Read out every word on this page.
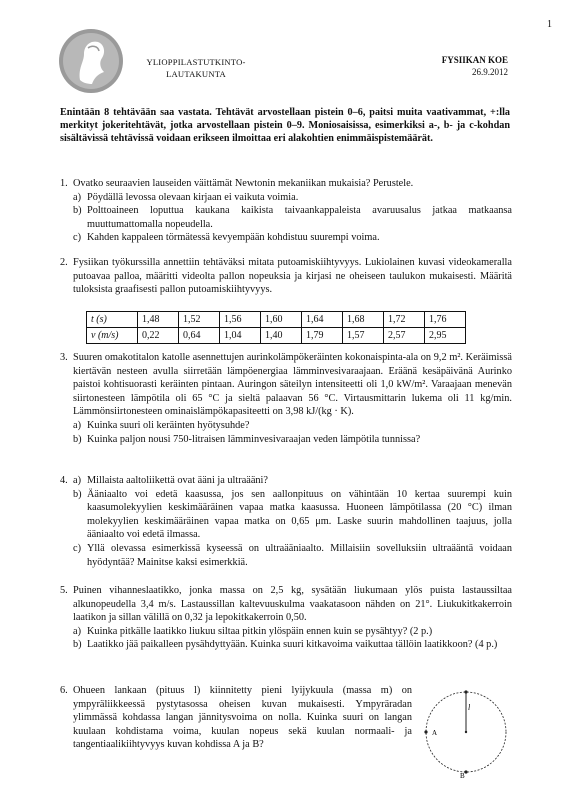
1
YLIOPPILASTUTKINTO-
LAUTAKUNTA
FYSIIKAN KOE
26.9.2012
Enintään 8 tehtävään saa vastata. Tehtävät arvostellaan pistein 0–6, paitsi muita vaativammat, +:lla merkityt jokeritehtävät, jotka arvostellaan pistein 0–9. Moniosaisissa, esimerkiksi a-, b- ja c-kohdan sisältävissä tehtävissä voidaan erikseen ilmoittaa eri alakohtien enimmäispistemäärät.
1. Ovatko seuraavien lauseiden väittämät Newtonin mekaniikan mukaisia? Perustele.
a) Pöydällä levossa olevaan kirjaan ei vaikuta voimia.
b) Polttoaineen loputtua kaukana kaikista taivaankappaleista avaruusalus jatkaa matkaansa muuttumattomalla nopeudella.
c) Kahden kappaleen törmätessä kevyempään kohdistuu suurempi voima.
2. Fysiikan työkurssilla annettiin tehtäväksi mitata putoamiskiihtyvyys. Lukiolainen kuvasi videokameralla putoavaa palloa, määritti videolta pallon nopeuksia ja kirjasi ne oheiseen taulukon mukaisesti. Määritä tuloksista graafisesti pallon putoamiskiihtyvyys.
t (s)	1,48	1,52	1,56	1,60	1,64	1,68	1,72	1,76
v (m/s)	0,22	0,64	1,04	1,40	1,79	1,57	2,57	2,95
3. Suuren omakotitalon katolle asennettujen aurinkolämpökeräinten kokonaispinta-ala on 9,2 m². Keräimissä kiertävän nesteen avulla siirretään lämpöenergiaa lämminvesivaraajaan. Eräänä kesäpäivänä Aurinko paistoi kohtisuorasti keräinten pintaan. Auringon säteilyn intensiteetti oli 1,0 kW/m². Varaajaan menevän siirtonesteen lämpötila oli 65 °C ja sieltä palaavan 56 °C. Virtausmittarin lukema oli 11 kg/min. Lämmönsiirtonesteen ominaislämpökapasiteetti on 3,98 kJ/(kg · K).
a) Kuinka suuri oli keräinten hyötysuhde?
b) Kuinka paljon nousi 750-litraisen lämminvesivaraajan veden lämpötila tunnissa?
4. a) Millaista aaltoliikettä ovat ääni ja ultraääni?
b) Ääniaalto voi edetä kaasussa, jos sen aallonpituus on vähintään 10 kertaa suurempi kuin kaasumolekyylien keskimääräinen vapaa matka kaasussa. Huoneen lämpötilassa (20 °C) ilman molekyylien keskimääräinen vapaa matka on 0,65 μm. Laske suurin mahdollinen taajuus, jolla ääniaalto voi edetä ilmassa.
c) Yllä olevassa esimerkissä kyseessä on ultraääniaalto. Millaisiin sovelluksiin ultraääntä voidaan hyödyntää? Mainitse kaksi esimerkkiä.
5. Puinen vihanneslaatikko, jonka massa on 2,5 kg, sysätään liukumaan ylös puista lastaussiltaa alkunopeudella 3,4 m/s. Lastaussillan kaltevuuskulma vaakatasoon nähden on 21°. Liukukitkakerroin laatikon ja sillan välillä on 0,32 ja lepokitkakerroin 0,50.
a) Kuinka pitkälle laatikko liukuu siltaa pitkin ylöspäin ennen kuin se pysähtyy? (2 p.)
b) Laatikko jää paikalleen pysähdyttyään. Kuinka suuri kitkavoima vaikuttaa tällöin laatikkoon? (4 p.)
6. Ohueen lankaan (pituus l) kiinnitetty pieni lyijykuula (massa m) on ympyräliikkeessä pystytasossa oheisen kuvan mukaisesti. Ympyräradan ylimmässä kohdassa langan jännitysvoima on nolla. Kuinka suuri on langan kuulaan kohdistama voima, kuulan nopeus sekä kuulan normaali- ja tangentiaalikiihtyvyys kuvan kohdissa A ja B?
l
A
B
